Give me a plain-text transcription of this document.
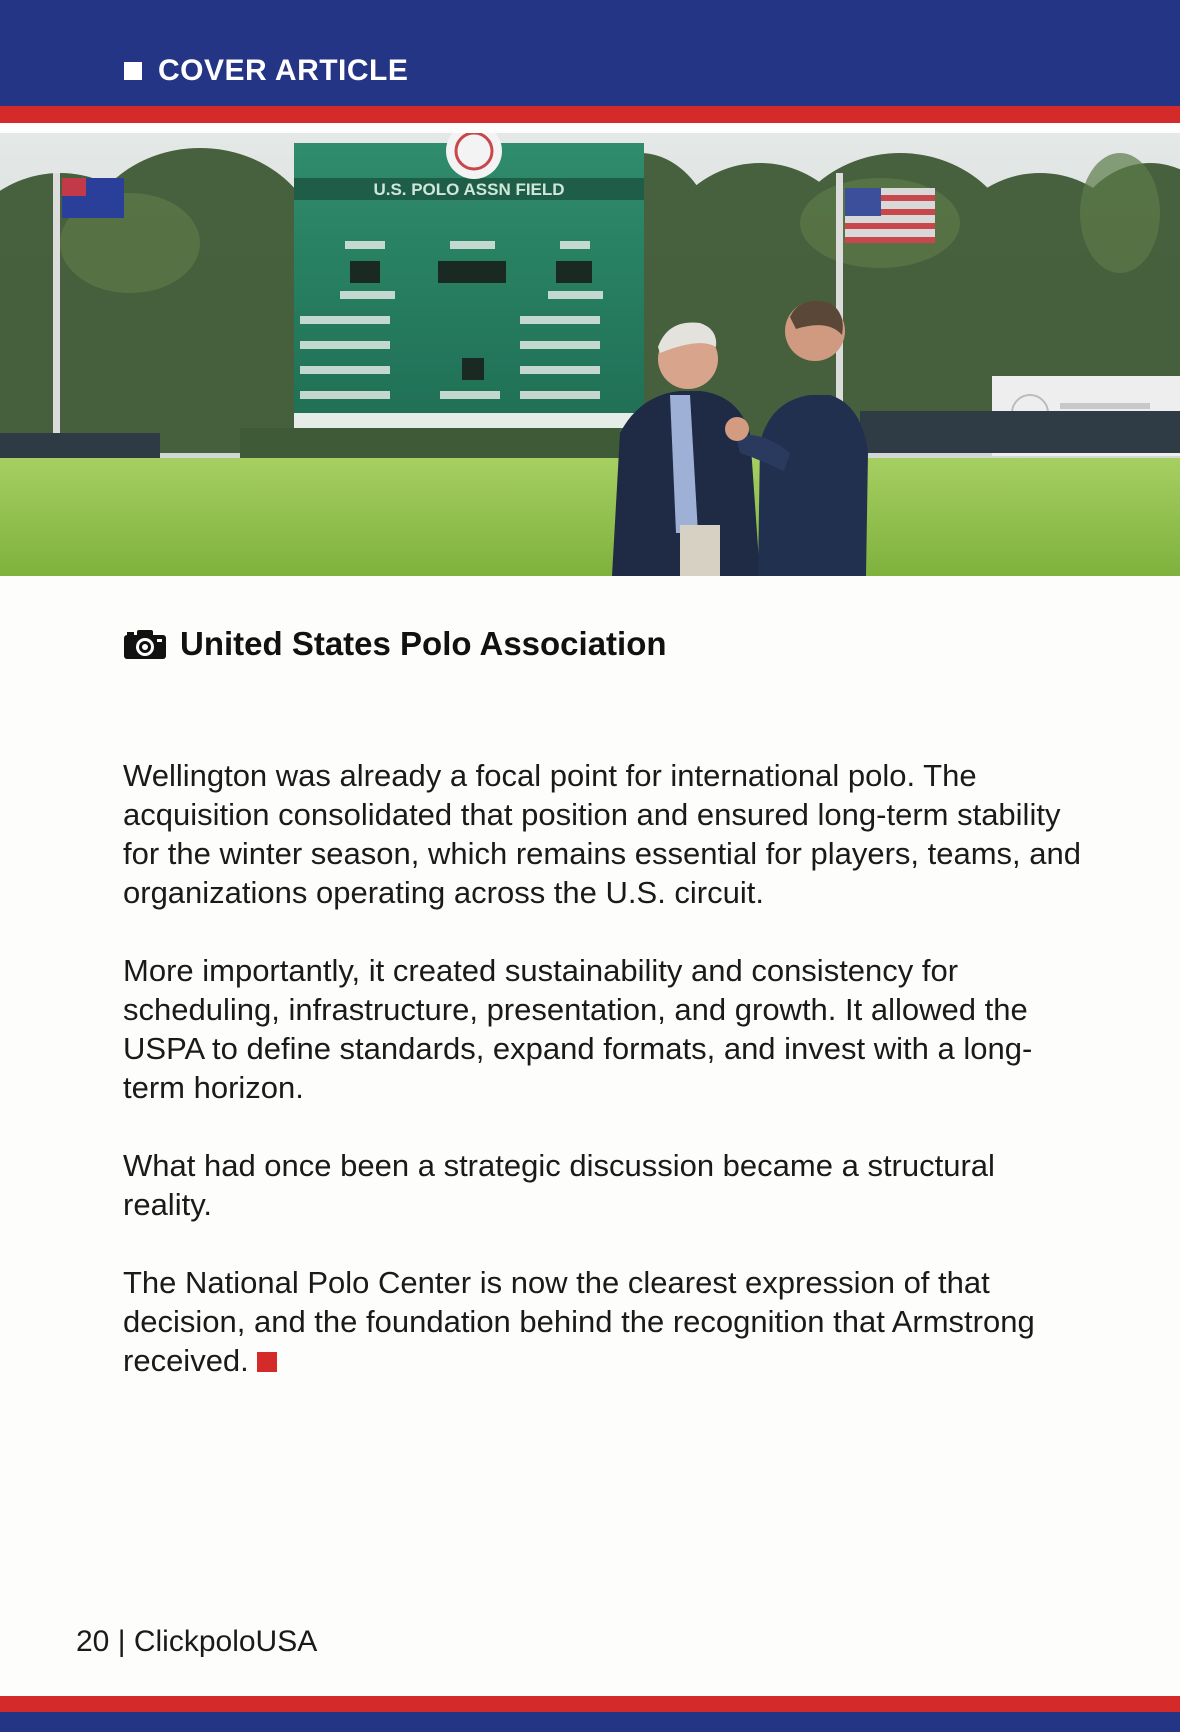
COVER ARTICLE
U.S. POLO ASSN FIELD
United States Polo Association

Wellington was already a focal point for international polo. The acquisition consolidated that position and ensured long-term stability for the winter season, which remains essential for players, teams, and organizations operating across the U.S. circuit.

More importantly, it created sustainability and consistency for scheduling, infrastructure, presentation, and growth. It allowed the USPA to define standards, expand formats, and invest with a long-term horizon.

What had once been a strategic discussion became a structural reality.

The National Polo Center is now the clearest expression of that decision, and the foundation behind the recognition that Armstrong received.

20 | ClickpoloUSA
